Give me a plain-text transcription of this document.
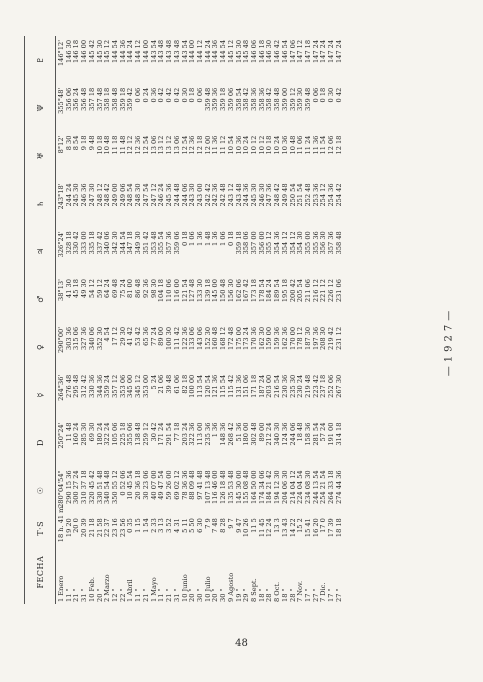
FECHA
T·S
☉
D
☿
♀
♂
♃
♄
♅
Ψ
♇
1 Enero 11 " 21 " 31 " 10 Feb. 20 " 2 Marzo 12 " 22 " 1 Abril 11 " 21 " 1 Mayo 11 " 21 " 31 " 10 Junio 20 " 30 " 10 Julio 20 " 30 " 9 Agosto 19 " 29 " 8 Sept. 18 " 28 " 8 Oct. 18 " 28 " 7 Nov. 17 " 27 " 7 Dic. 17 " 27 "
18 h. 41 m. 19 20 20 0 20 39 21 18 21 58 22 37 23 16 23 56 0 35 1 15 1 54 2 33 3 13 3 52 4 31 5 11 5 50 6 30 7 9 7 48 8 28 9 7 9 47 10 26 11 5 11 45 12 24 13 3 13 43 14 22 15 2 15 41 16 20 17 0 17 39 18 18
280°04'54" 290 15 36 300 27 24 310 37 18 320 45 42 330 51 48 340 54 48 350 55 12 0 52 06 10 45 54 20 36 18 30 23 06 40 07 00 49 47 54 59 26 00 69 02 12 78 36 36 88 09 48 97 41 48 107 13 48 116 46 00 126 18 48 135 53 48 145 30 00 155 08 48 164 50 00 174 34 06 184 21 42 194 12 30 204 06 30 214 04 12 224 04 54 234 08 30 244 13 54 254 21 54 264 33 18 274 44 36
250°24' 11 48 160 24 285 30 69 30 180 24 322 24 105 06 225 18 355 06 138 48 259 12 30 42 171 24 291 54 77 18 203 24 322 36 113 00 235 36 1 36 148 36 268 42 51 36 180 00 302 48 89 00 212 24 340 30 124 36 244 06 18 48 158 36 281 54 57 24 191 00 314 18
264°36' 276 48 295 48 312 42 330 36 344 36 359 24 357 12 353 06 345 00 345 12 353 00 5 24 21 06 39 48 61 06 82 18 100 00 113 54 120 54 121 36 115 54 115 42 131 36 151 06 171 18 187 24 203 00 216 54 230 36 235 30 230 24 219 48 223 42 237 18 252 06 267 30
290°00' 303 36 315 06 327 36 340 06 352 30 4 54 17 12 29 30 41 42 53 42 65 36 77 24 89 00 100 30 111 42 122 36 133 06 143 06 152 30 160 48 168 12 172 48 175 00 173 24 170 36 162 30 159 00 159 36 162 36 170 00 178 12 187 30 197 36 208 30 219 42 231 12
38°13' 41 30 45 18 49 30 54 12 59 12 64 24 69 48 75 24 81 00 86 48 92 36 98 30 104 18 110 06 116 00 121 54 127 48 133 30 139 18 145 00 150 48 156 30 162 06 167 42 173 18 178 54 184 24 189 54 195 18 200 42 205 54 211 06 216 12 221 12 226 12 231 06
326°24' 328 18 330 42 333 00 335 18 337 42 340 06 342 30 344 54 347 18 349 30 351 42 353 48 355 54 357 36 359 06 0 18 1 06 1 36 1 48 1 36 1 06 0 18 359 18 358 06 357 00 356 00 355 12 354 36 354 12 354 12 354 30 355 00 355 36 356 30 357 36 358 48
243°18' 244 24 245 30 246 36 247 30 248 12 248 42 249 00 249 06 248 54 248 30 247 54 247 12 246 24 245 36 244 48 244 06 243 30 243 00 242 42 242 36 242 48 243 12 243 48 244 36 245 30 246 30 247 36 248 42 249 48 250 54 251 54 252 48 253 36 254 12 254 36 254 42
8°12' 8 30 8 54 9 18 9 48 10 18 10 48 11 18 11 48 12 12 12 36 12 54 13 06 13 12 13 12 13 06 12 54 12 36 12 18 12 00 11 36 11 12 10 54 10 36 10 24 10 12 10 12 10 18 10 24 10 36 10 48 11 06 11 24 11 36 11 54 12 06 12 18
355°48' 356 06 356 24 356 48 357 18 357 48 358 18 358 48 359 18 359 42 0 06 0 24 0 36 0 42 0 42 0 42 0 30 0 18 0 06 359 48 359 36 359 18 359 06 358 54 358 42 358 36 358 36 358 42 358 48 359 00 359 12 359 30 359 48 0 06 0 18 0 30 0 42
146°12' 146 30 146 18 146 00 145 42 145 30 145 12 144 54 144 36 144 24 144 12 144 00 143 54 143 48 143 48 143 48 143 54 144 00 144 12 144 24 144 36 144 54 145 12 145 30 145 48 146 06 146 18 146 30 146 42 146 54 147 06 147 12 147 18 147 24 147 24 147 24 147 24
—1927—
48
